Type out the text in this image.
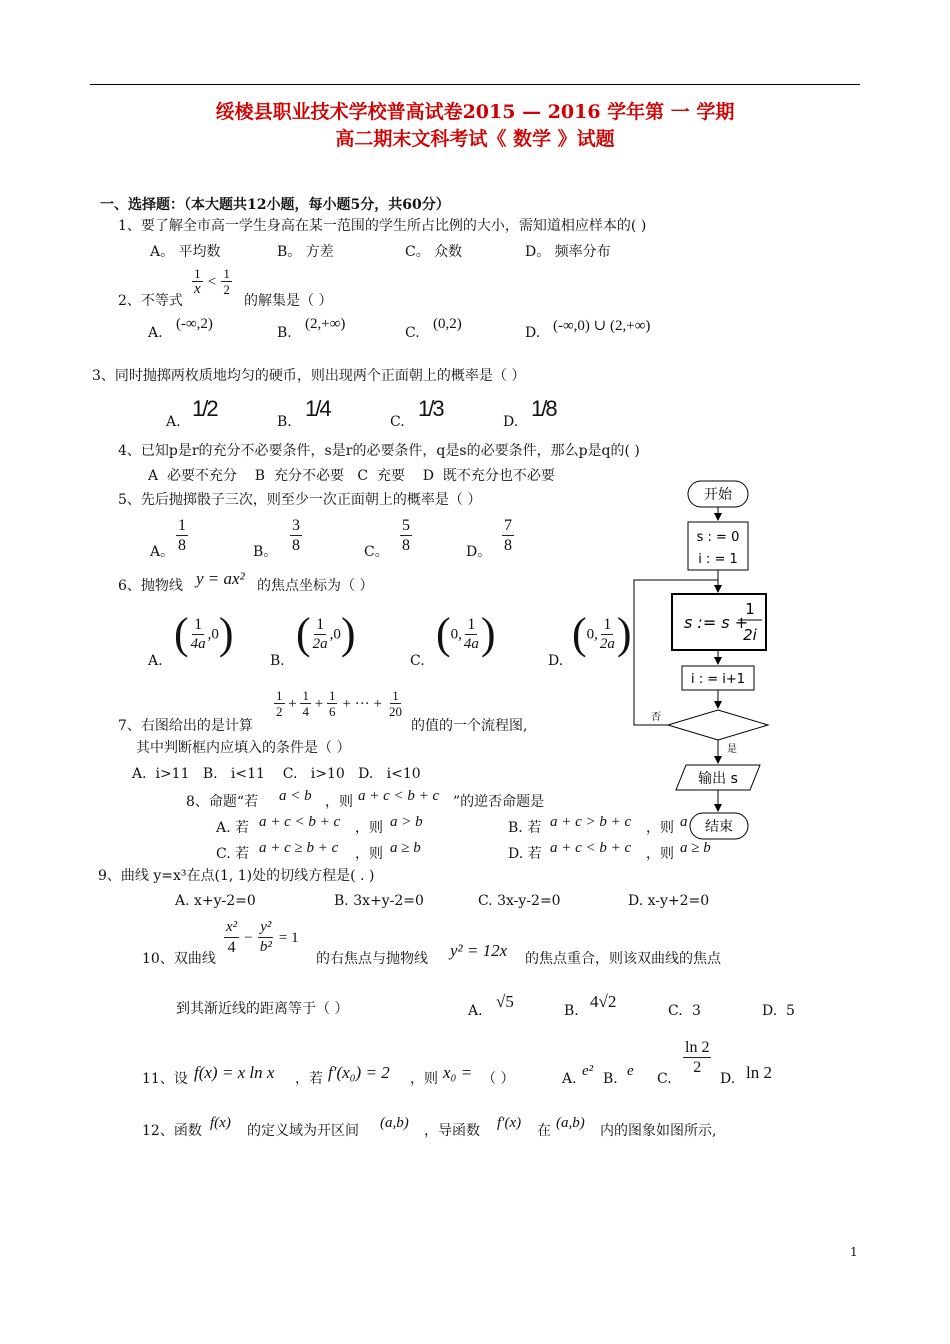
绥棱县职业技术学校普高试卷2015 — 2016 学年第 一 学期
高二期末文科考试《 数学 》试题
一、选择题：（本大题共12小题，每小题5分，共60分）
1、要了解全市高一学生身高在某一范围的学生所占比例的大小，需知道相应样本的( )
A。 平均数	B。 方差	C。 众数	D。 频率分布
$\frac{1}{x} < \frac{1}{2}$
2、不等式	的解集是（ ）
A.
(-∞,2)
B.
(2,+∞)
C.
(0,2)
D. (-∞,0) ∪ (2,+∞)
3、同时抛掷两枚质地均匀的硬币，则出现两个正面朝上的概率是（ ）
A.
1/2
B.
1/4
C.
1/3
D.
1/8
4、已知p是r的充分不必要条件，s是r的必要条件，q是s的必要条件，那么p是q的( )
A  必要不充分    B  充分不必要   C  充要    D  既不充分也不必要
5、先后抛掷骰子三次，则至少一次正面朝上的概率是（ ）
A。 $\frac{1}{8}$	B。 $\frac{3}{8}$	C。 $\frac{5}{8}$	D。 $\frac{7}{8}$
6、抛物线 y = ax² 的焦点坐标为（ ）
A.
( $\frac{1}{4a} ,0$)
B.
( $\frac{1}{2a} ,0$)
C.
(0, $\frac{1}{4a}$ )
D.
(0, $\frac{1}{2a}$ )
$\frac{1}{2} + \frac{1}{4} + \frac{1}{6}$ + ··· + $\frac{1}{20}$
7、右图给出的是计算	的值的一个流程图,
其中判断框内应填入的条件是（ ）
A.  i>11   B.   i<11    C.   i>10   D.   i<10
8、命题“若 a < b ，则 a + c < b + c ”的逆否命题是
A. 若 a + c < b + c ，则 a > b	B. 若 a + c > b + c ，则 a
C. 若 a + c ≥ b + c ，则 a ≥ b	D. 若 a + c < b + c ，则 a ≥ b
9、曲线 y=x³在点(1, 1)处的切线方程是( . )
A. x+y-2=0	B. 3x+y-2=0	C. 3x-y-2=0	D. x-y+2=0
10、双曲线
$\frac{\text{x²}}{4} - \frac{\text{y²}}{\text{b²}} = 1$
的右焦点与抛物线 y² = 12x 的焦点重合，则该双曲线的焦点
到其渐近线的距离等于（ ）	A. √5	B. 4√2	C. 3	D. 5
11、设 f(x) = x ln x ，若 f′(x₀) = 2 ，则 x₀ = （ ）	A. e² B. e C.
$\frac{\ln 2}{2}$
D. ln 2
12、函数 f(x) 的定义域为开区间 (a,b) ，导函数 f′(x) 在 (a,b) 内的图象如图所示,
开始
s : = 0
i : = 1
s := s +
1
2i
i : = i+1
否
是
输出 s
结束
1
